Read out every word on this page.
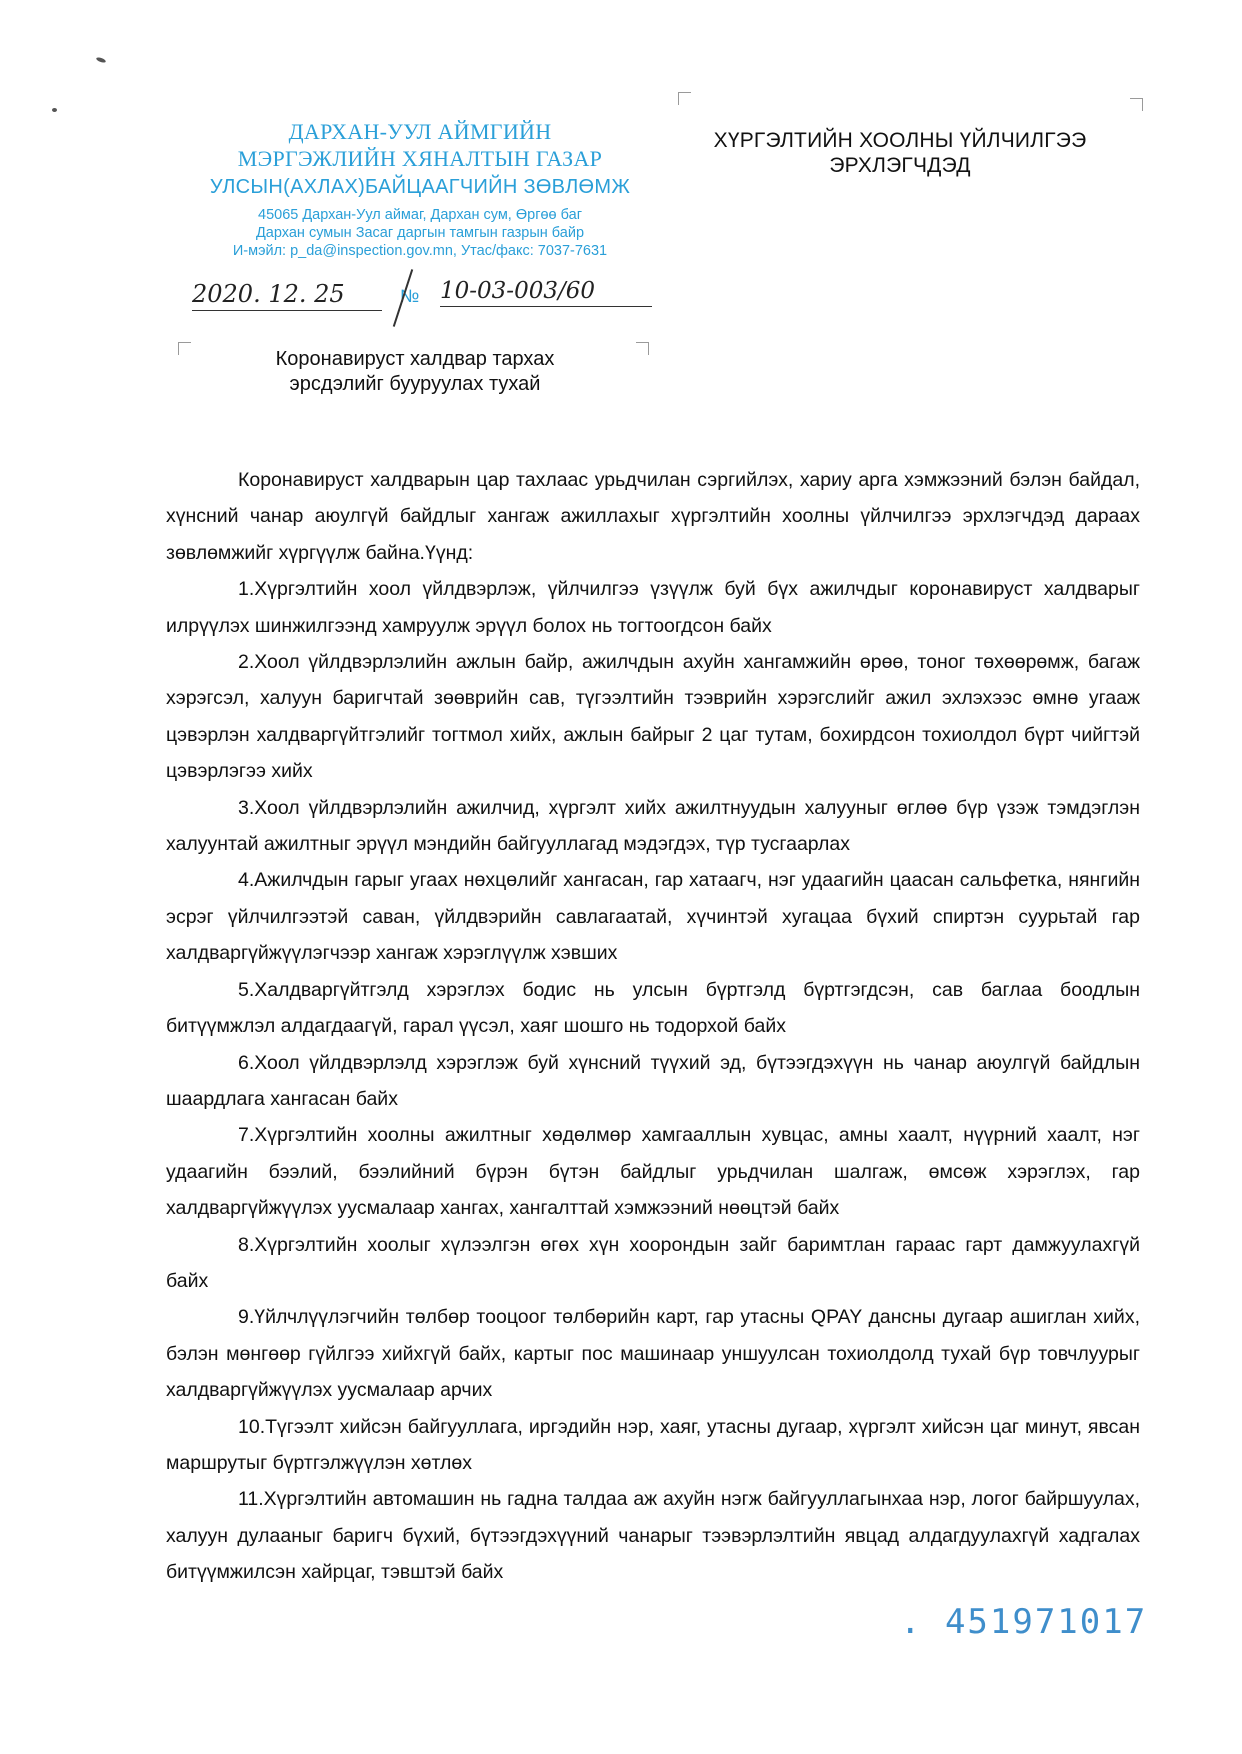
ДАРХАН-УУЛ АЙМГИЙН
МЭРГЭЖЛИЙН ХЯНАЛТЫН ГАЗАР
УЛСЫН(АХЛАХ)БАЙЦААГЧИЙН ЗӨВЛӨМЖ
45065 Дархан-Уул аймаг, Дархан сум, Өргөө баг
Дархан сумын Засаг даргын тамгын газрын байр
И-мэйл: p_da@inspection.gov.mn, Утас/факс: 7037-7631
2020. 12. 25	№ 10-03-003/60
ХҮРГЭЛТИЙН ХООЛНЫ ҮЙЛЧИЛГЭЭ
ЭРХЛЭГЧДЭД
Коронавируст халдвар тархах
эрсдэлийг бууруулах тухай

Коронавируст халдварын цар тахлаас урьдчилан сэргийлэх, хариу арга хэмжээний бэлэн байдал, хүнсний чанар аюулгүй байдлыг хангаж ажиллахыг хүргэлтийн хоолны үйлчилгээ эрхлэгчдэд дараах зөвлөмжийг хүргүүлж байна.Үүнд:

1.Хүргэлтийн хоол үйлдвэрлэж, үйлчилгээ үзүүлж буй бүх ажилчдыг коронавируст халдварыг илрүүлэх шинжилгээнд хамруулж эрүүл болох нь тогтоогдсон байх

2.Хоол үйлдвэрлэлийн ажлын байр, ажилчдын ахуйн хангамжийн өрөө, тоног төхөөрөмж, багаж хэрэгсэл, халуун баригчтай зөөврийн сав, түгээлтийн тээврийн хэрэгслийг ажил эхлэхээс өмнө угааж цэвэрлэн халдваргүйтгэлийг тогтмол хийх, ажлын байрыг 2 цаг тутам, бохирдсон тохиолдол бүрт чийгтэй цэвэрлэгээ хийх

3.Хоол үйлдвэрлэлийн ажилчид, хүргэлт хийх ажилтнуудын халууныг өглөө бүр үзэж тэмдэглэн халуунтай ажилтныг эрүүл мэндийн байгууллагад мэдэгдэх, түр тусгаарлах

4.Ажилчдын гарыг угаах нөхцөлийг хангасан, гар хатаагч, нэг удаагийн цаасан сальфетка, нянгийн эсрэг үйлчилгээтэй саван, үйлдвэрийн савлагаатай, хүчинтэй хугацаа бүхий спиртэн суурьтай гар халдваргүйжүүлэгчээр хангаж хэрэглүүлж хэвших

5.Халдваргүйтгэлд хэрэглэх бодис нь улсын бүртгэлд бүртгэгдсэн, сав баглаа боодлын битүүмжлэл алдагдаагүй, гарал үүсэл, хаяг шошго нь тодорхой байх

6.Хоол үйлдвэрлэлд хэрэглэж буй хүнсний түүхий эд, бүтээгдэхүүн нь чанар аюулгүй байдлын шаардлага хангасан байх

7.Хүргэлтийн хоолны ажилтныг хөдөлмөр хамгааллын хувцас, амны хаалт, нүүрний хаалт, нэг удаагийн бээлий, бээлийний бүрэн бүтэн байдлыг урьдчилан шалгаж, өмсөж хэрэглэх, гар халдваргүйжүүлэх уусмалаар хангах, хангалттай хэмжээний нөөцтэй байх

8.Хүргэлтийн хоолыг хүлээлгэн өгөх хүн хоорондын зайг баримтлан гараас гарт дамжуулахгүй байх

9.Үйлчлүүлэгчийн төлбөр тооцоог төлбөрийн карт, гар утасны QPAY дансны дугаар ашиглан хийх, бэлэн мөнгөөр гүйлгээ хийхгүй байх, картыг пос машинаар уншуулсан тохиолдолд тухай бүр товчлуурыг халдваргүйжүүлэх уусмалаар арчих

10.Түгээлт хийсэн байгууллага, иргэдийн нэр, хаяг, утасны дугаар, хүргэлт хийсэн цаг минут, явсан маршрутыг бүртгэлжүүлэн хөтлөх

11.Хүргэлтийн автомашин нь гадна талдаа аж ахуйн нэгж байгууллагынхаа нэр, логог байршуулах, халуун дулааныг баригч бүхий, бүтээгдэхүүний чанарыг тээвэрлэлтийн явцад алдагдуулахгүй хадгалах битүүмжилсэн хайрцаг, тэвштэй байх

. 451971017
